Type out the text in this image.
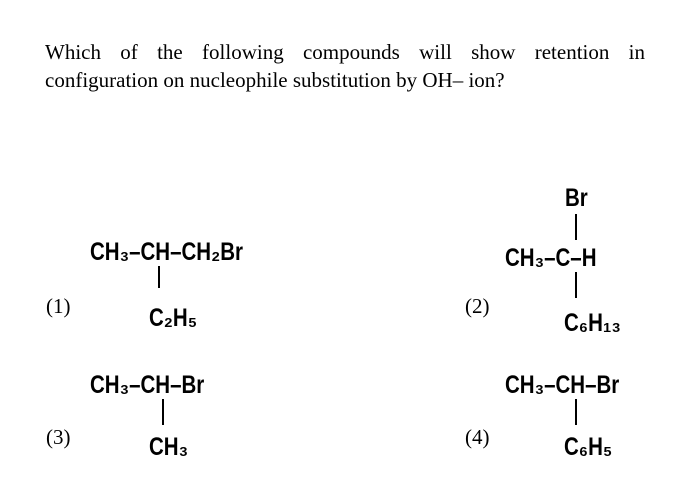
Which of the following compounds will show retention in
configuration on nucleophile substitution by OH– ion?
(1)
CH₃–CH–CH₂Br
C₂H₅	(2)
Br
CH₃–C–H
C₆H₁₃
(3)
CH₃–CH–Br
CH₃	(4)
CH₃–CH–Br
C₆H₅
